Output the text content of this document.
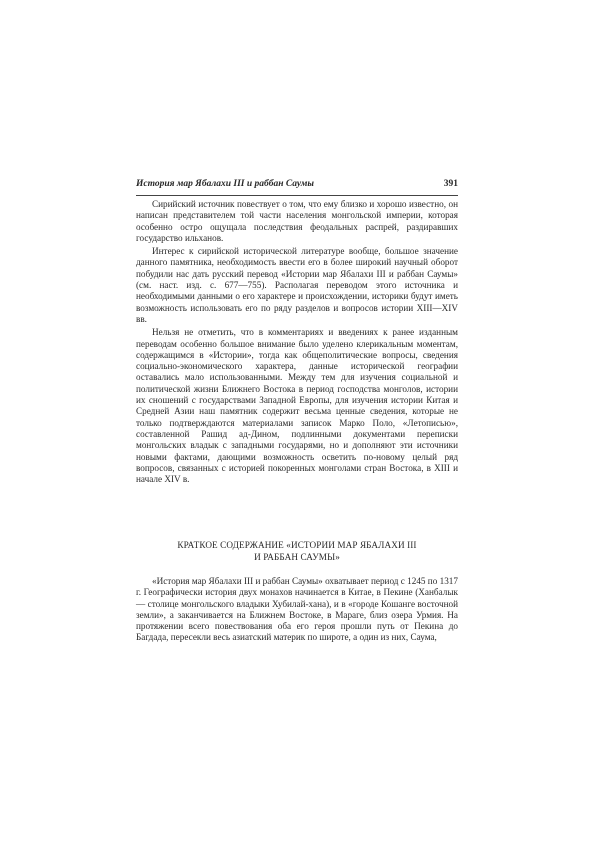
История мар Ябалахи III и раббан Саумы	391

Сирийский источник повествует о том, что ему близко и хорошо известно, он написан представителем той части населения монгольской империи, которая особенно остро ощущала последствия феодальных распрей, раздиравших государство ильханов.

Интерес к сирийской исторической литературе вообще, большое значение данного памятника, необходимость ввести его в более широкий научный оборот побудили нас дать русский перевод «Истории мар Ябалахи III и раббан Саумы» (см. наст. изд. с. 677—755). Располагая переводом этого источника и необходимыми данными о его характере и происхождении, историки будут иметь возможность использовать его по ряду разделов и вопросов истории XIII—XIV вв.

Нельзя не отметить, что в комментариях и введениях к ранее изданным переводам особенно большое внимание было уделено клерикальным моментам, содержащимся в «Истории», тогда как общеполитические вопросы, сведения социально-экономического характера, данные исторической географии оставались мало использованными. Между тем для изучения социальной и политической жизни Ближнего Востока в период господства монголов, истории их сношений с государствами Западной Европы, для изучения истории Китая и Средней Азии наш памятник содержит весьма ценные сведения, которые не только подтверждаются материалами записок Марко Поло, «Летописью», составленной Рашид ад-Дином, подлинными документами переписки монгольских владык с западными государями, но и дополняют эти источники новыми фактами, дающими возможность осветить по-новому целый ряд вопросов, связанных с историей покоренных монголами стран Востока, в XIII и начале XIV в.

КРАТКОЕ СОДЕРЖАНИЕ «ИСТОРИИ МАР ЯБАЛАХИ III
И РАББАН САУМЫ»

«История мар Ябалахи III и раббан Саумы» охватывает период с 1245 по 1317 г. Географически история двух монахов начинается в Китае, в Пекине (Ханбалык — столице монгольского владыки Хубилай-хана), и в «городе Кошанге восточной земли», а заканчивается на Ближнем Востоке, в Мараге, близ озера Урмия. На протяжении всего повествования оба его героя прошли путь от Пекина до Багдада, пересекли весь азиатский материк по широте, а один из них, Саума,
